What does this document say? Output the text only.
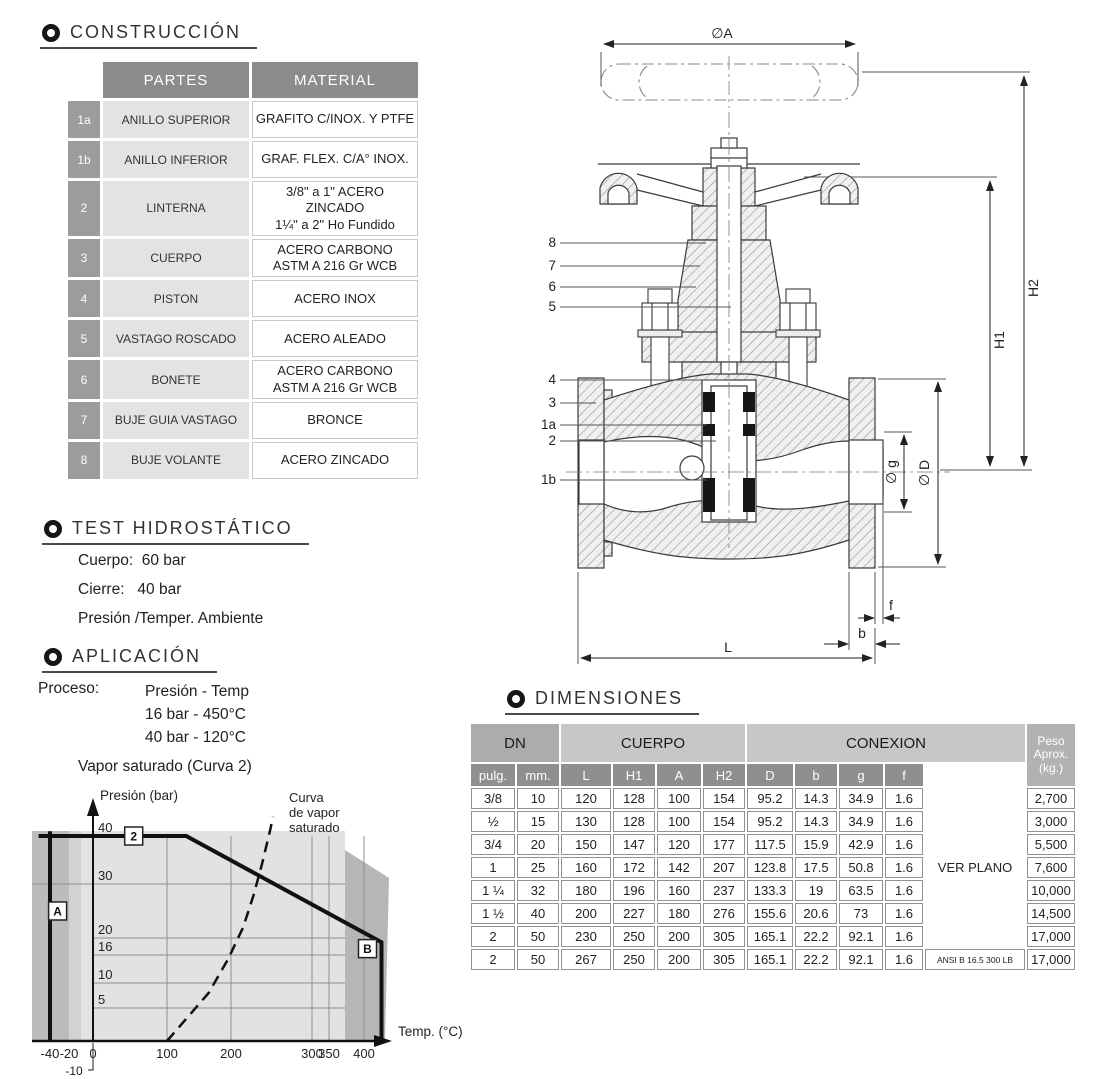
CONSTRUCCIÓN
PARTES	MATERIAL
1a	ANILLO SUPERIOR	GRAFITO C/INOX. Y PTFE
1b	ANILLO INFERIOR	GRAF. FLEX. C/A° INOX.
2	LINTERNA
3/8" a 1" ACERO ZINCADO
1¼" a 2" Ho Fundido
3	CUERPO
ACERO CARBONO
ASTM A 216 Gr WCB
4	PISTON	ACERO INOX
5	VASTAGO ROSCADO	ACERO ALEADO
6	BONETE
ACERO CARBONO
ASTM A 216 Gr WCB
7	BUJE GUIA VASTAGO	BRONCE
8	BUJE VOLANTE	ACERO ZINCADO
TEST HIDROSTÁTICO
Cuerpo:  60 bar
Cierre:   40 bar
Presión /Temper. Ambiente
APLICACIÓN
Proceso:	Presión - Temp
16 bar - 450°C
40 bar - 120°C
Vapor saturado (Curva 2)
5
10
16
20
30
40
-40 -20
-10
0	100	200	300
350 400
Presión (bar)
Temp. (°C)
Curva
de vapor
saturado
2
A
B
∅A
H2
H1
∅ g ∅ D
f
b
L
8
7
6
5
4
3
1a
2
1b
DIMENSIONES
DN	CUERPO	CONEXION	Peso
Aprox.
(kg.)
pulg.	mm.	L	H1	A	H2	D	b	g	f
3/8	10	120	128	100	154	95.2	14.3	34.9	1.6	2,700
½	15	130	128	100	154	95.2	14.3	34.9	1.6	3,000
3/4	20	150	147	120	177	117.5	15.9	42.9	1.6	5,500
1	25	160	172	142	207	123.8	17.5	50.8	1.6	7,600
1 ¼	32	180	196	160	237	133.3	19	63.5	1.6	10,000
1 ½	40	200	227	180	276	155.6	20.6	73	1.6	14,500
2	50	230	250	200	305	165.1	22.2	92.1	1.6	17,000
2	50	267	250	200	305	165.1	22.2	92.1	1.6	ANSI B 16.5 300 LB	17,000
VER PLANO
